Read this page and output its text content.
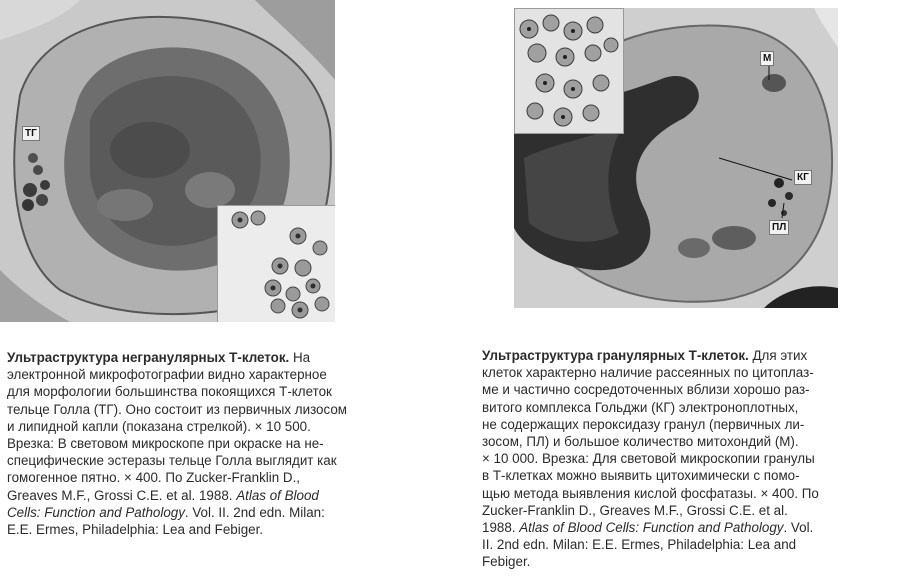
ТГ
М
КГ
ПЛ
Ультраструктура негранулярных Т-клеток. На
электронной микрофотографии видно характерное
для морфологии большинства покоящихся Т-клеток
тельце Голла (ТГ). Оно состоит из первичных лизосом
и липидной капли (показана стрелкой). × 10 500.
Врезка: В световом микроскопе при окраске на не-
специфические эстеразы тельце Голла выглядит как
гомогенное пятно. × 400. По Zucker-Franklin D.,
Greaves M.F., Grossi C.E. et al. 1988. Atlas of Blood
Cells: Function and Pathology. Vol. II. 2nd edn. Milan:
E.E. Ermes, Philadelphia: Lea and Febiger.
Ультраструктура гранулярных Т-клеток. Для этих
клеток характерно наличие рассеянных по цитоплаз-
ме и частично сосредоточенных вблизи хорошо раз-
витого комплекса Гольджи (КГ) электроноплотных,
не содержащих пероксидазу гранул (первичных ли-
зосом, ПЛ) и большое количество митохондий (М).
× 10 000. Врезка: Для световой микроскопии гранулы
в Т-клетках можно выявить цитохимически с помо-
щью метода выявления кислой фосфатазы. × 400. По
Zucker-Franklin D., Greaves M.F., Grossi C.E. et al.
1988. Atlas of Blood Cells: Function and Pathology. Vol.
II. 2nd edn. Milan: E.E. Ermes, Philadelphia: Lea and
Febiger.
